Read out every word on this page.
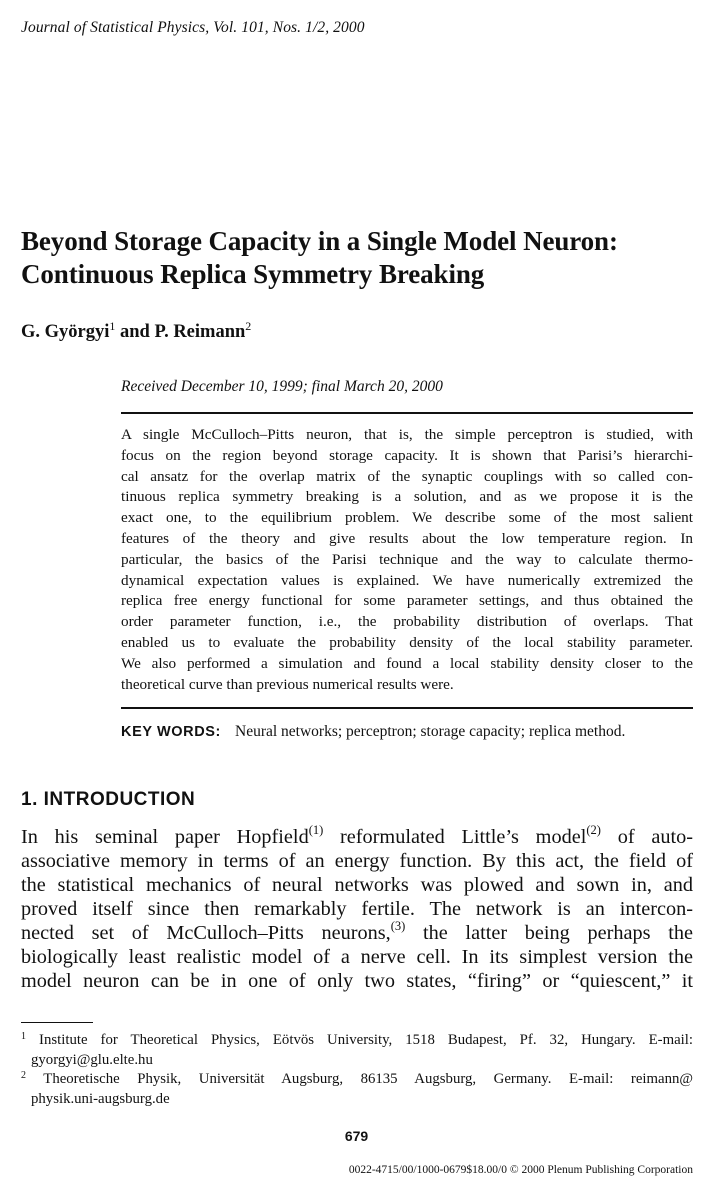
Journal of Statistical Physics, Vol. 101, Nos. 1/2, 2000
Beyond Storage Capacity in a Single Model Neuron:
Continuous Replica Symmetry Breaking
G. Györgyi$^1$ and P. Reimann$^2$
Received December 10, 1999; final March 20, 2000
A single McCulloch–Pitts neuron, that is, the simple perceptron is studied, with
focus on the region beyond storage capacity. It is shown that Parisi’s hierarchi-
cal ansatz for the overlap matrix of the synaptic couplings with so called con-
tinuous replica symmetry breaking is a solution, and as we propose it is the
exact one, to the equilibrium problem. We describe some of the most salient
features of the theory and give results about the low temperature region. In
particular, the basics of the Parisi technique and the way to calculate thermo-
dynamical expectation values is explained. We have numerically extremized the
replica free energy functional for some parameter settings, and thus obtained the
order parameter function, i.e., the probability distribution of overlaps. That
enabled us to evaluate the probability density of the local stability parameter.
We also performed a simulation and found a local stability density closer to the
theoretical curve than previous numerical results were.
KEY WORDS: Neural networks; perceptron; storage capacity; replica method.
1. INTRODUCTION
In his seminal paper Hopfield$^{(1)}$ reformulated Little’s model$^{(2)}$ of auto-
associative memory in terms of an energy function. By this act, the field of
the statistical mechanics of neural networks was plowed and sown in, and
proved itself since then remarkably fertile. The network is an intercon-
nected set of McCulloch–Pitts neurons,$^{(3)}$ the latter being perhaps the
biologically least realistic model of a nerve cell. In its simplest version the
model neuron can be in one of only two states, “firing” or “quiescent,” it
$^1$ Institute for Theoretical Physics, Eötvös University, 1518 Budapest, Pf. 32, Hungary. E-mail:
gyorgyi@glu.elte.hu
$^2$ Theoretische Physik, Universität Augsburg, 86135 Augsburg, Germany. E-mail: reimann@
physik.uni-augsburg.de
679
0022-4715/00/1000-0679$18.00/0 © 2000 Plenum Publishing Corporation
